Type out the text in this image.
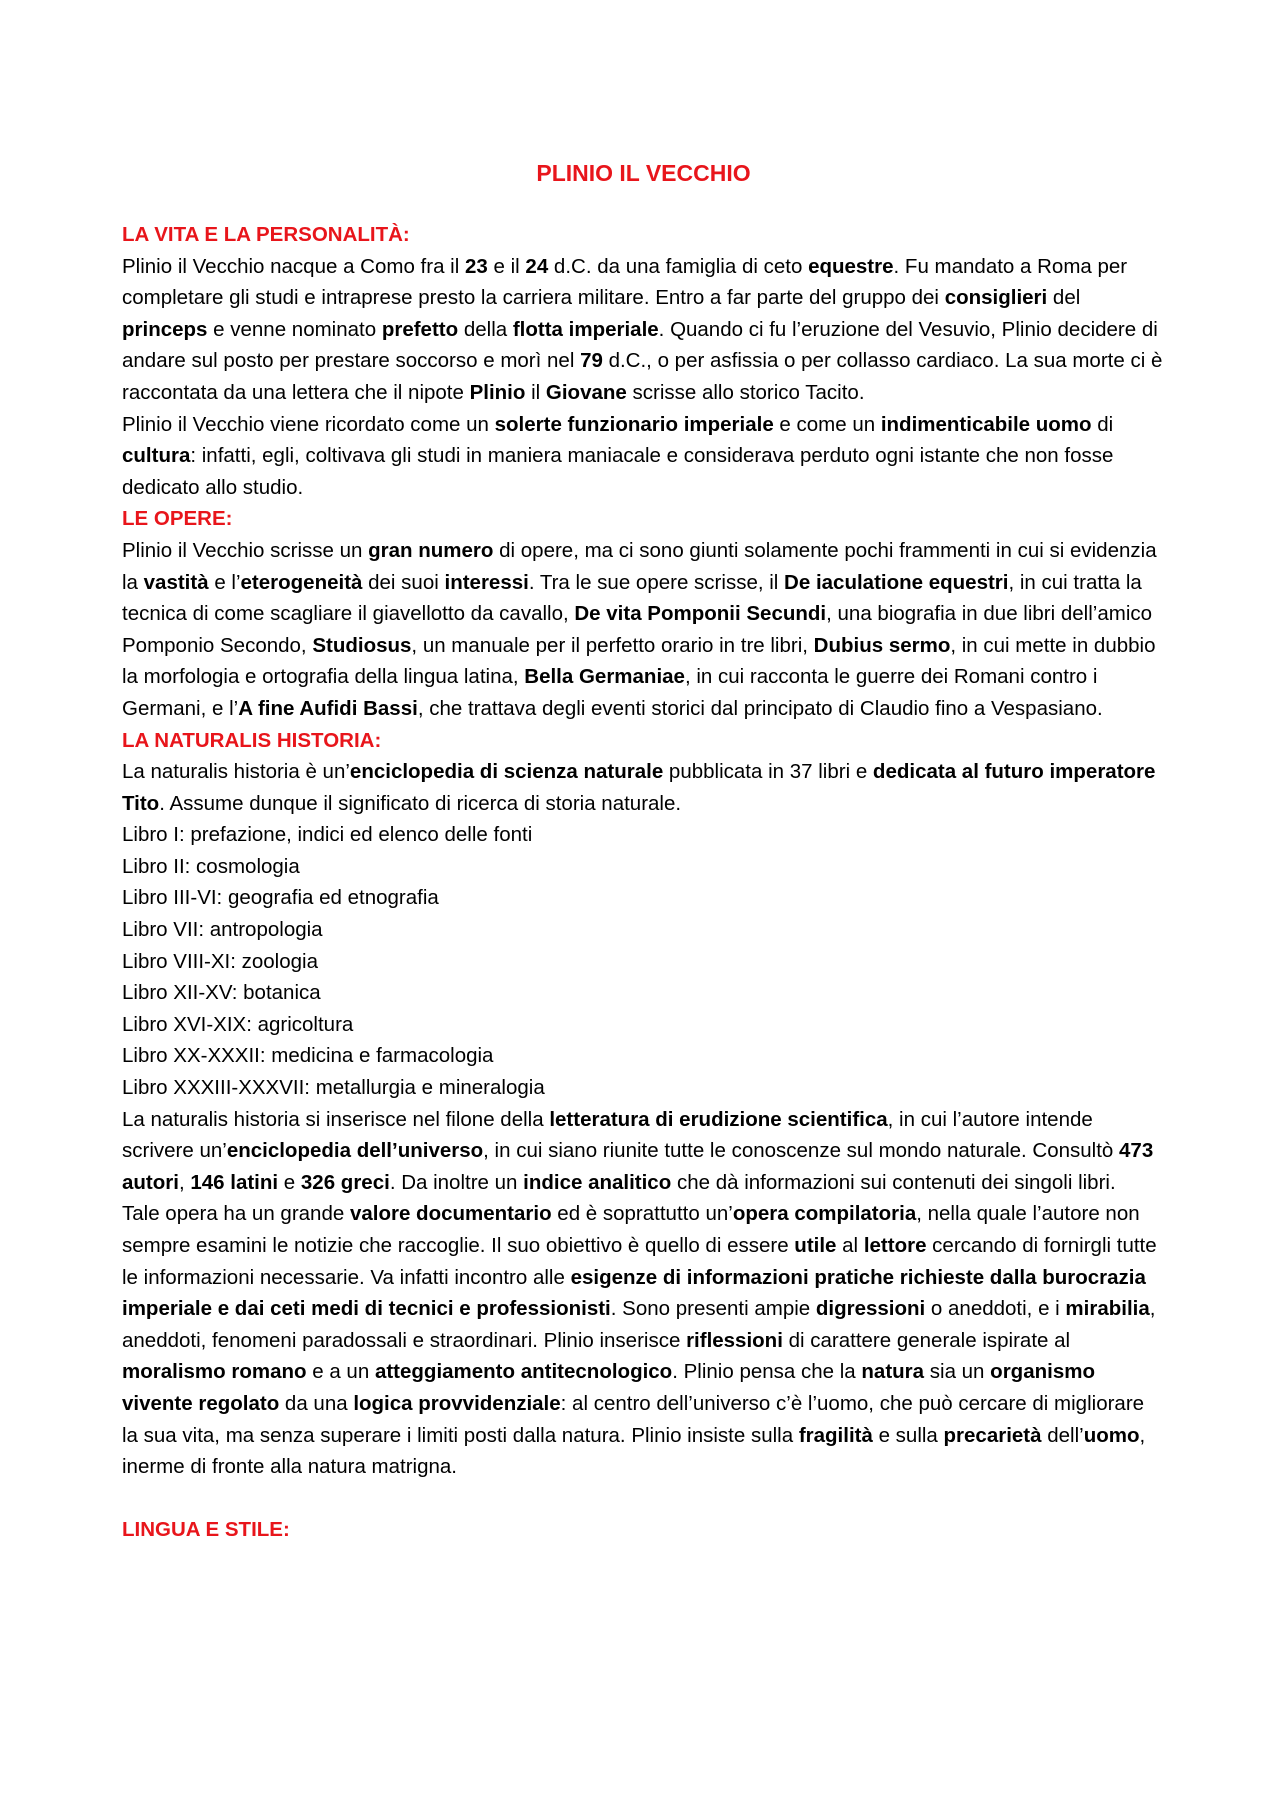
PLINIO IL VECCHIO
LA VITA E LA PERSONALITÀ:

Plinio il Vecchio nacque a Como fra il 23 e il 24 d.C. da una famiglia di ceto equestre. Fu mandato a Roma per completare gli studi e intraprese presto la carriera militare. Entro a far parte del gruppo dei consiglieri del princeps e venne nominato prefetto della flotta imperiale. Quando ci fu l’eruzione del Vesuvio, Plinio decidere di andare sul posto per prestare soccorso e morì nel 79 d.C., o per asfissia o per collasso cardiaco. La sua morte ci è raccontata da una lettera che il nipote Plinio il Giovane scrisse allo storico Tacito.

Plinio il Vecchio viene ricordato come un solerte funzionario imperiale e come un indimenticabile uomo di cultura: infatti, egli, coltivava gli studi in maniera maniacale e considerava perduto ogni istante che non fosse dedicato allo studio.

LE OPERE:

Plinio il Vecchio scrisse un gran numero di opere, ma ci sono giunti solamente pochi frammenti in cui si evidenzia la vastità e l’eterogeneità dei suoi interessi. Tra le sue opere scrisse, il De iaculatione equestri, in cui tratta la tecnica di come scagliare il giavellotto da cavallo, De vita Pomponii Secundi, una biografia in due libri dell’amico Pomponio Secondo, Studiosus, un manuale per il perfetto orario in tre libri, Dubius sermo, in cui mette in dubbio la morfologia e ortografia della lingua latina, Bella Germaniae, in cui racconta le guerre dei Romani contro i Germani, e l’A fine Aufidi Bassi, che trattava degli eventi storici dal principato di Claudio fino a Vespasiano.

LA NATURALIS HISTORIA:

La naturalis historia è un’enciclopedia di scienza naturale pubblicata in 37 libri e dedicata al futuro imperatore Tito. Assume dunque il significato di ricerca di storia naturale.

Libro I: prefazione, indici ed elenco delle fonti
Libro II: cosmologia
Libro III-VI: geografia ed etnografia
Libro VII: antropologia
Libro VIII-XI: zoologia
Libro XII-XV: botanica
Libro XVI-XIX: agricoltura
Libro XX-XXXII: medicina e farmacologia
Libro XXXIII-XXXVII: metallurgia e mineralogia

La naturalis historia si inserisce nel filone della letteratura di erudizione scientifica, in cui l’autore intende scrivere un’enciclopedia dell’universo, in cui siano riunite tutte le conoscenze sul mondo naturale. Consultò 473 autori, 146 latini e 326 greci. Da inoltre un indice analitico che dà informazioni sui contenuti dei singoli libri.

Tale opera ha un grande valore documentario ed è soprattutto un’opera compilatoria, nella quale l’autore non sempre esamini le notizie che raccoglie. Il suo obiettivo è quello di essere utile al lettore cercando di fornirgli tutte le informazioni necessarie. Va infatti incontro alle esigenze di informazioni pratiche richieste dalla burocrazia imperiale e dai ceti medi di tecnici e professionisti. Sono presenti ampie digressioni o aneddoti, e i mirabilia, aneddoti, fenomeni paradossali e straordinari. Plinio inserisce riflessioni di carattere generale ispirate al moralismo romano e a un atteggiamento antitecnologico. Plinio pensa che la natura sia un organismo vivente regolato da una logica provvidenziale: al centro dell’universo c’è l’uomo, che può cercare di migliorare la sua vita, ma senza superare i limiti posti dalla natura. Plinio insiste sulla fragilità e sulla precarietà dell’uomo, inerme di fronte alla natura matrigna.

LINGUA E STILE:
